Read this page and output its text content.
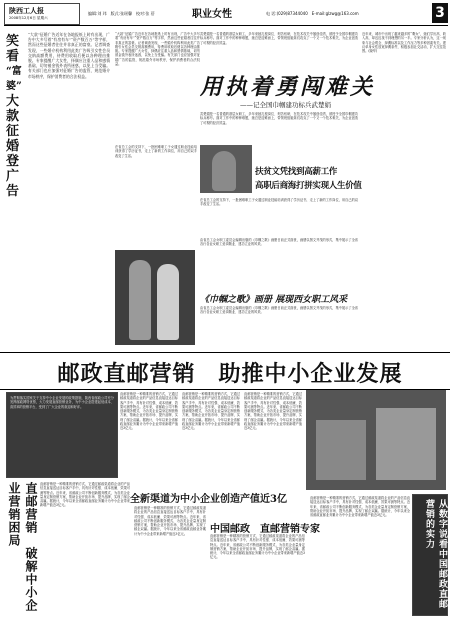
陕西工人报
2008年12月6日 星期六
编辑:刘 玮　版式:张瑶馨　校对:张 蓓	职业女性	电 话:(029)87344040　E-mail:glzwg@163.com	3
笑看
“富婆”
大款
征婚
登广告
“大款”征婚广告近年在各地报纸上时有出现，广告中大多写着“有房有车”“资产数百万”等字样，然而这些征婚者往往并非真正的富豪。记者调查发现，一些婚介机构利用此类广告吸引女性会员交纳高额费用，待费用收取后便以各种理由推脱。专家提醒广大女性，择偶应注重人品和感情基础，切勿被金钱外表所迷惑，以免上当受骗。有关部门也应加强对征婚广告的监管，规范婚介市场秩序，保护消费者的合法权益。
“大款”征婚广告近年在各地报纸上时有出现，广告中大多写着“有房有车”“资产数百万”等字样，然而这些征婚者往往并非真正的富豪。记者调查发现，一些婚介机构利用此类广告吸引女性会员交纳高额费用，待费用收取后便以各种理由推脱。专家提醒广大女性，择偶应注重人品和感情基础，切勿被金钱外表所迷惑，以免上当受骗。有关部门也应加强对征婚广告的监管，规范婚介市场秩序，保护消费者的合法权益。
武楚娟是一名普通的基层女职工，多年来她扎根岗位、刻苦钻研，在技术攻关中屡创佳绩，被授予全国巾帼建功标兵称号。面对工作中的种种难题，她总是迎难而上，带领班组姐妹们攻克了一个又一个技术难关，为企业创造了可观的经济效益。
用执着勇闯难关
——记全国巾帼建功标兵武楚娟
武楚娟是一名普通的基层女职工，多年来她扎根岗位、刻苦钻研，在技术攻关中屡创佳绩，被授予全国巾帼建功标兵称号。面对工作中的种种难题，她总是迎难而上，带领班组姐妹们攻克了一个又一个技术难关，为企业创造了可观的经济效益。
近年来，城市中出现了越来越多的“剩女”，她们学历高、收入高，却迟迟找不到理想的另一半。专家分析认为，这一现象与社会观念、择偶标准以及工作压力等多种因素有关。建议单身女性放宽择偶条件，积极参加社交活动，扩大交往范围。(晓华)
在省总工会的支持下，一批困难职工子女通过职业技能培训获得了学历证书，走上了新的工作岗位，用自己的双手改变了生活。
扶贫文凭找到高薪工作
高职后商海打拼实现人生价值
在省总工会的支持下，一批困难职工子女通过职业技能培训获得了学历证书，走上了新的工作岗位，用自己的双手改变了生活。
由省总工会女职工委员会编辑出版的《巾帼之歌》画册日前正式面世，画册以图文并茂的形式，集中展示了全省各行各业女职工爱岗敬业、建功立业的风采。
《巾帼之歌》画册 展现西女职工风采
由省总工会女职工委员会编辑出版的《巾帼之歌》画册日前正式面世，画册以图文并茂的形式，集中展示了全省各行各业女职工爱岗敬业、建功立业的风采。
邮政直邮营销　助推中小企业发展
为贯彻落实国家关于支持中小企业发展的政策措施，陕西省邮政公司充分发挥邮政网络优势，大力发展直邮营销业务，为中小企业搭建起低成本、高效率的营销平台，受到了广大企业的欢迎和好评。
直邮营销是一种精准的营销方式，它通过邮政渠道将企业的产品信息直接送达目标客户手中，具有针对性强、成本低廉、效果可测等特点。近年来，省邮政公司不断创新服务模式，为各类企业量身定制营销方案，帮助企业开拓市场、提升品牌，实现了邮企双赢。据统计，今年以来全省邮政直邮业务累计为中小企业带来新增产值近3亿元。
直邮营销是一种精准的营销方式，它通过邮政渠道将企业的产品信息直接送达目标客户手中，具有针对性强、成本低廉、效果可测等特点。近年来，省邮政公司不断创新服务模式，为各类企业量身定制营销方案，帮助企业开拓市场、提升品牌，实现了邮企双赢。据统计，今年以来全省邮政直邮业务累计为中小企业带来新增产值近3亿元。
直邮营销是一种精准的营销方式，它通过邮政渠道将企业的产品信息直接送达目标客户手中，具有针对性强、成本低廉、效果可测等特点。近年来，省邮政公司不断创新服务模式，为各类企业量身定制营销方案，帮助企业开拓市场、提升品牌，实现了邮企双赢。据统计，今年以来全省邮政直邮业务累计为中小企业带来新增产值近3亿元。
全新渠道为中小企业创造产值近3亿
直邮营销　破解中小企业营销困局	直邮营销是一种精准的营销方式，它通过邮政渠道将企业的产品信息直接送达目标客户手中，具有针对性强、成本低廉、效果可测等特点。近年来，省邮政公司不断创新服务模式，为各类企业量身定制营销方案，帮助企业开拓市场、提升品牌，实现了邮企双赢。据统计，今年以来全省邮政直邮业务累计为中小企业带来新增产值近3亿元。
中国邮政　直邮营销专家
直邮营销是一种精准的营销方式，它通过邮政渠道将企业的产品信息直接送达目标客户手中，具有针对性强、成本低廉、效果可测等特点。近年来，省邮政公司不断创新服务模式，为各类企业量身定制营销方案，帮助企业开拓市场、提升品牌，实现了邮企双赢。据统计，今年以来全省邮政直邮业务累计为中小企业带来新增产值近3亿元。
直邮营销是一种精准的营销方式，它通过邮政渠道将企业的产品信息直接送达目标客户手中，具有针对性强、成本低廉、效果可测等特点。近年来，省邮政公司不断创新服务模式，为各类企业量身定制营销方案，帮助企业开拓市场、提升品牌，实现了邮企双赢。据统计，今年以来全省邮政直邮业务累计为中小企业带来新增产值近3亿元。
直邮营销是一种精准的营销方式，它通过邮政渠道将企业的产品信息直接送达目标客户手中，具有针对性强、成本低廉、效果可测等特点。近年来，省邮政公司不断创新服务模式，为各类企业量身定制营销方案，帮助企业开拓市场、提升品牌，实现了邮企双赢。据统计，今年以来全省邮政直邮业务累计为中小企业带来新增产值近3亿元。	从数字说看中国邮政直邮营销的实力
